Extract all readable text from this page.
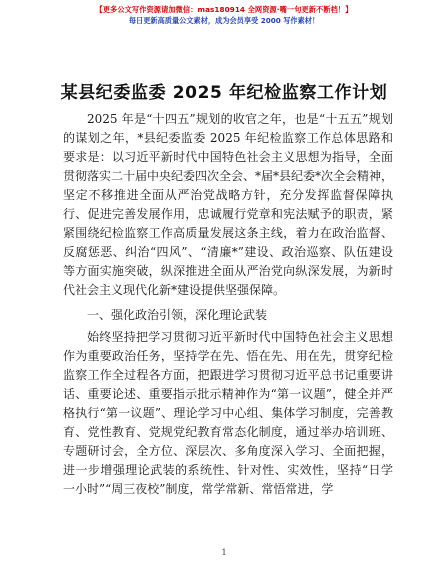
【更多公文写作资源请加微信：mas180914 全网资源·嘴一句更新不断档！】
每日更新高质量公文素材，成为会员享受 2000 写作素材！
某县纪委监委 2025 年纪检监察工作计划

2025 年是“十四五”规划的收官之年，也是“十五五”规划的谋划之年，*县纪委监委 2025 年纪检监察工作总体思路和要求是：以习近平新时代中国特色社会主义思想为指导，全面贯彻落实二十届中央纪委四次全会、*届*县纪委*次全会精神，坚定不移推进全面从严治党战略方针，充分发挥监督保障执行、促进完善发展作用，忠诚履行党章和宪法赋予的职责，紧紧围绕纪检监察工作高质量发展这条主线，着力在政治监督、反腐惩恶、纠治“四风”、“清廉*”建设、政治巡察、队伍建设等方面实施突破，纵深推进全面从严治党向纵深发展，为新时代社会主义现代化新*建设提供坚强保障。

一、强化政治引领，深化理论武装

始终坚持把学习贯彻习近平新时代中国特色社会主义思想作为重要政治任务，坚持学在先、悟在先、用在先，贯穿纪检监察工作全过程各方面，把跟进学习贯彻习近平总书记重要讲话、重要论述、重要指示批示精神作为“第一议题”，健全并严格执行“第一议题”、理论学习中心组、集体学习制度，完善教育、党性教育、党规党纪教育常态化制度，通过举办培训班、专题研讨会，全方位、深层次、多角度深入学习、全面把握，进一步增强理论武装的系统性、针对性、实效性，坚持“日学一小时”“周三夜校”制度，常学常新、常悟常进，学

1
